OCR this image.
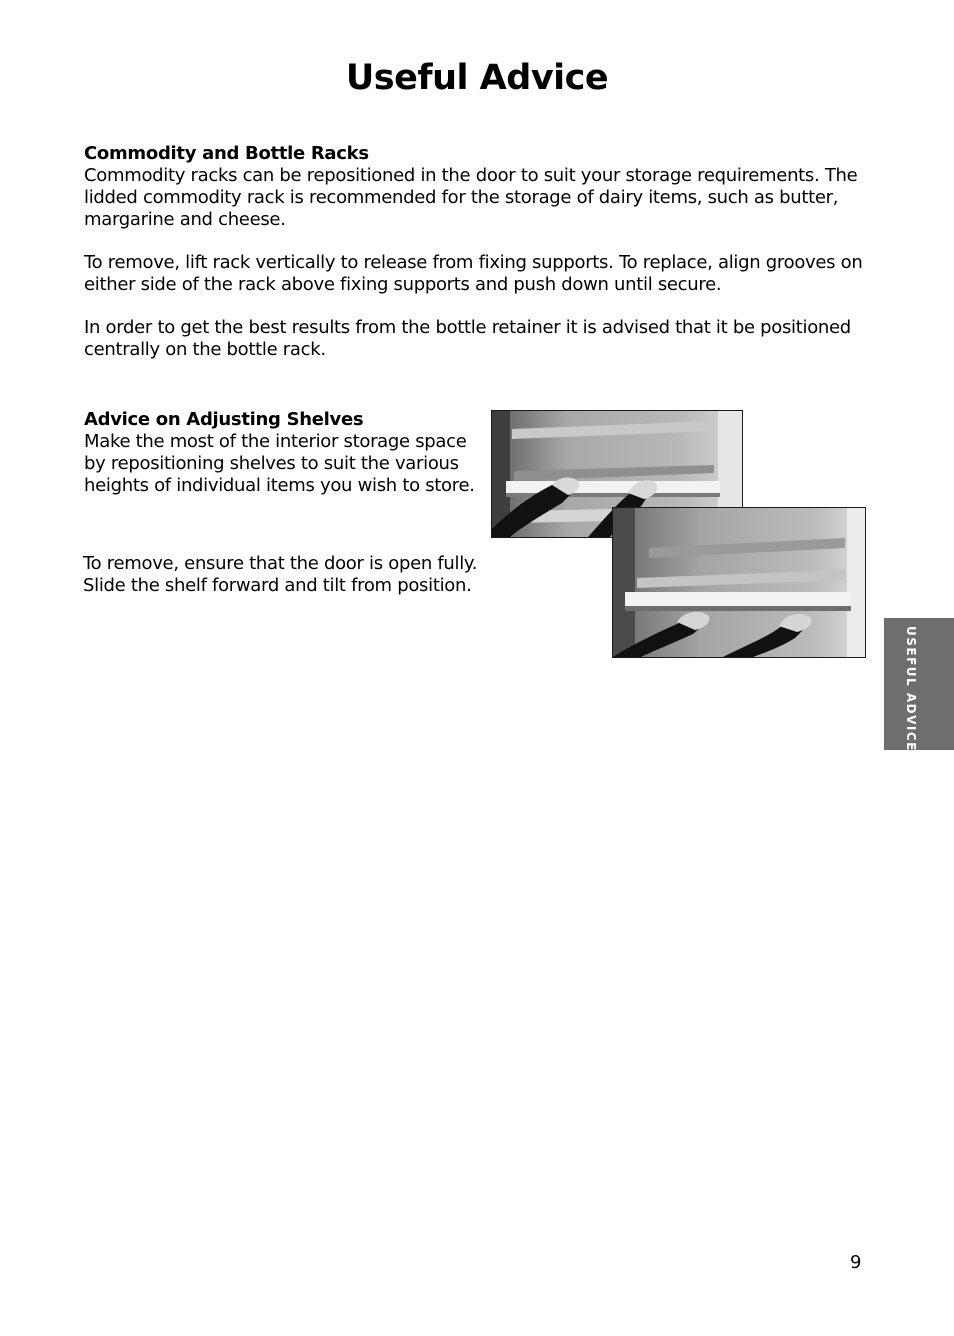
Useful Advice

Commodity and Bottle Racks

Commodity racks can be repositioned in the door to suit your storage requirements. The lidded commodity rack is recommended for the storage of dairy items, such as butter, margarine and cheese.

To remove, lift rack vertically to release from fixing supports. To replace, align grooves on either side of the rack above fixing supports and push down until secure.

In order to get the best results from the bottle retainer it is advised that it be positioned centrally on the bottle rack.

Advice on Adjusting Shelves

Make the most of the interior storage space by repositioning shelves to suit the various heights of individual items you wish to store.

To remove, ensure that the door is open fully. Slide the shelf forward and tilt from position.

USEFUL ADVICE
9
